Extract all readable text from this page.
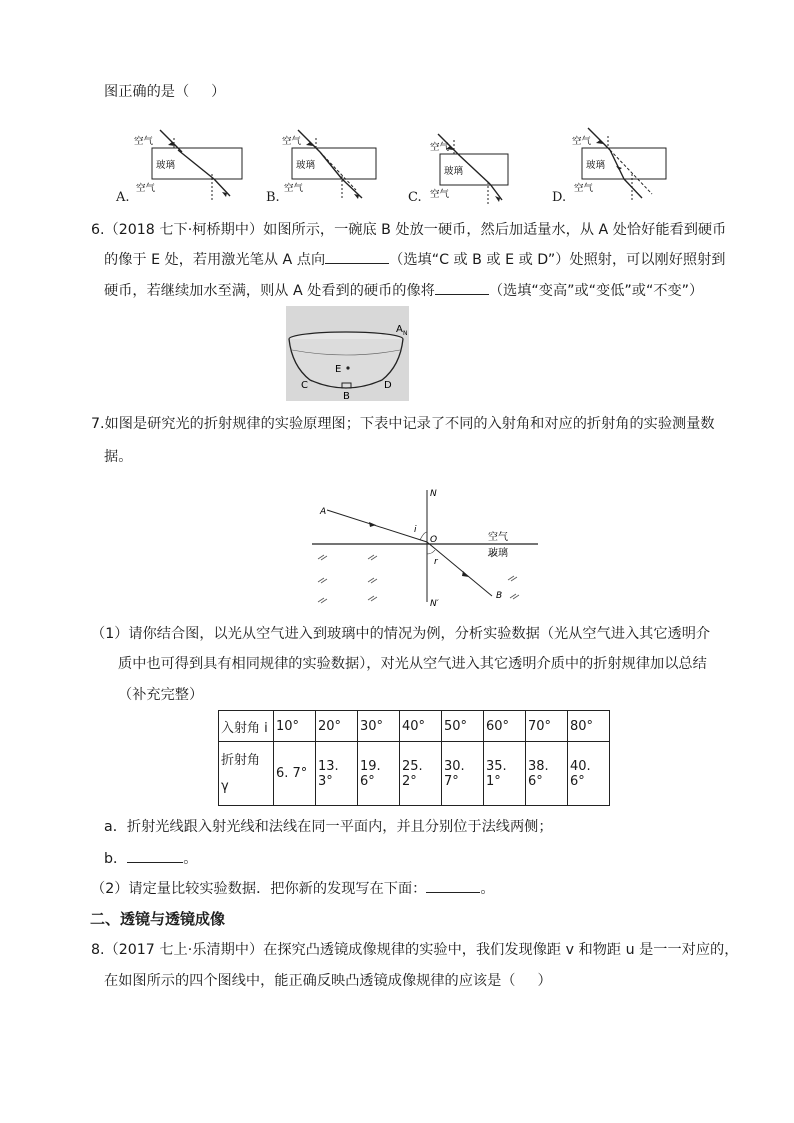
图正确的是（ ）
A.
空气
玻璃
空气
B.
空气
玻璃
空气
C.
空气
玻璃
空气	D.
空气
玻璃
空气
6.（2018 七下·柯桥期中）如图所示，一碗底 B 处放一硬币，然后加适量水，从 A 处恰好能看到硬币
的像于 E 处，若用激光笔从 A 点向	（选填“C 或 B 或 E 或 D”）处照射，可以刚好照射到
硬币，若继续加水至满，则从 A 处看到的硬币的像将	（选填“变高”或“变低”或“不变”）
E
A N
C
B
D
7.如图是研究光的折射规律的实验原理图；下表中记录了不同的入射角和对应的折射角的实验测量数
据。
N
A
i
O
r
N′
B
空气
玻璃
（1）请你结合图，以光从空气进入到玻璃中的情况为例，分析实验数据（光从空气进入其它透明介
质中也可得到具有相同规律的实验数据），对光从空气进入其它透明介质中的折射规律加以总结
（补充完整）
入射角 i	10°	20°	30°	40°	50°	60°	70°	80°

折射角
γ	6. 7°	13. 3°	19. 6°	25. 2°	30. 7°	35. 1°	38. 6°	40. 6°
a．折射光线跟入射光线和法线在同一平面内，并且分别位于法线两侧；
b．	。
（2）请定量比较实验数据．把你新的发现写在下面：	。
二、透镜与透镜成像
8.（2017 七上·乐清期中）在探究凸透镜成像规律的实验中，我们发现像距 v 和物距 u 是一一对应的，
在如图所示的四个图线中，能正确反映凸透镜成像规律的应该是（ ）
